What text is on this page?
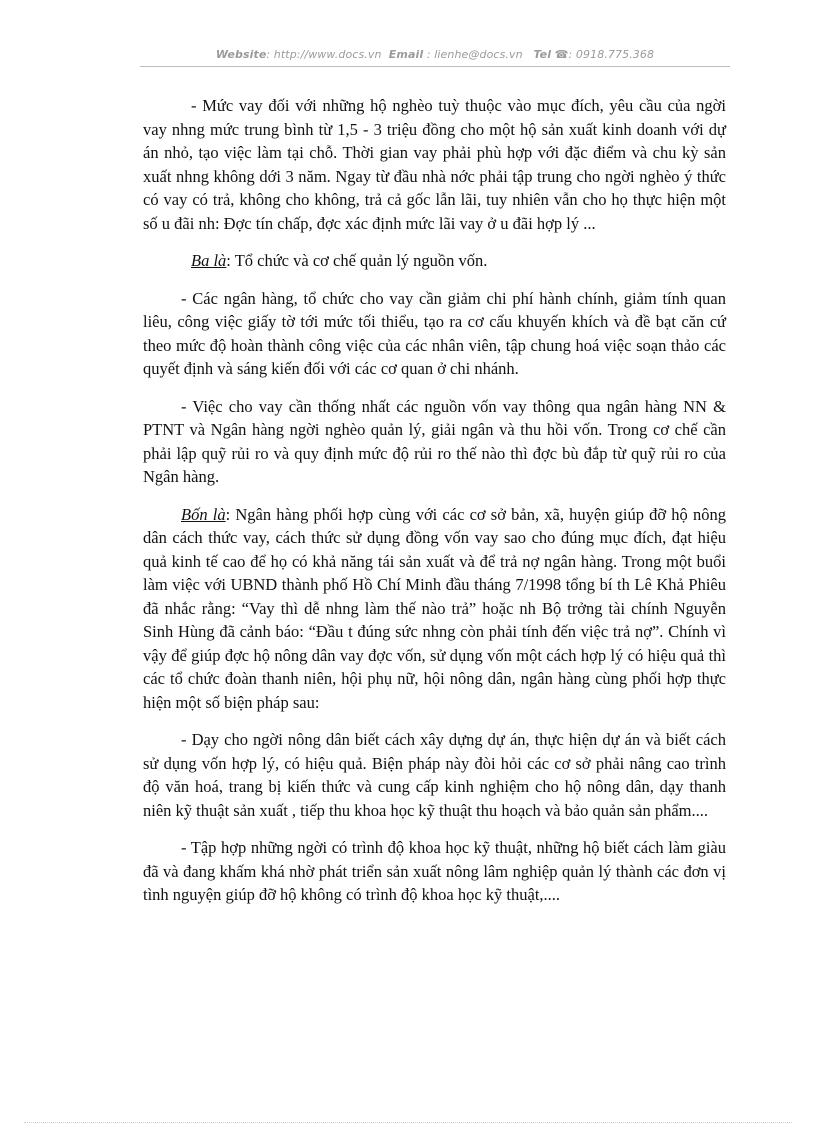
Website: http://www.docs.vn Email : lienhe@docs.vn Tel ☎: 0918.775.368

- Mức vay đối với những hộ nghèo tuỳ thuộc vào mục đích, yêu cầu của ngời vay nhng mức trung bình từ 1,5 - 3 triệu đồng cho một hộ sản xuất kinh doanh với dự án nhỏ, tạo việc làm tại chỗ. Thời gian vay phải phù hợp với đặc điểm và chu kỳ sản xuất nhng không dới 3 năm. Ngay từ đầu nhà nớc phải tập trung cho ngời nghèo ý thức có vay có trả, không cho không, trả cả gốc lẫn lãi, tuy nhiên vẫn cho họ thực hiện một số u đãi nh: Đợc tín chấp, đợc xác định mức lãi vay ở u đãi hợp lý ...

Ba là: Tổ chức và cơ chế quản lý nguồn vốn.

- Các ngân hàng, tổ chức cho vay cần giảm chi phí hành chính, giảm tính quan liêu, công việc giấy tờ tới mức tối thiểu, tạo ra cơ cấu khuyến khích và đề bạt căn cứ theo mức độ hoàn thành công việc của các nhân viên, tập chung hoá việc soạn thảo các quyết định và sáng kiến đối với các cơ quan ở chi nhánh.

- Việc cho vay cần thống nhất các nguồn vốn vay thông qua ngân hàng NN & PTNT và Ngân hàng ngời nghèo quản lý, giải ngân và thu hồi vốn. Trong cơ chế cần phải lập quỹ rủi ro và quy định mức độ rủi ro thế nào thì đợc bù đắp từ quỹ rủi ro của Ngân hàng.

Bốn là: Ngân hàng phối hợp cùng với các cơ sở bản, xã, huyện giúp đỡ hộ nông dân cách thức vay, cách thức sử dụng đồng vốn vay sao cho đúng mục đích, đạt hiệu quả kinh tế cao để họ có khả năng tái sản xuất và để trả nợ ngân hàng. Trong một buổi làm việc với UBND thành phố Hồ Chí Minh đầu tháng 7/1998 tổng bí th Lê Khả Phiêu đã nhắc rằng: “Vay thì dễ nhng làm thế nào trả” hoặc nh Bộ trởng tài chính Nguyễn Sinh Hùng đã cảnh báo: “Đầu t đúng sức nhng còn phải tính đến việc trả nợ”. Chính vì vậy để giúp đợc hộ nông dân vay đợc vốn, sử dụng vốn một cách hợp lý có hiệu quả thì các tổ chức đoàn thanh niên, hội phụ nữ, hội nông dân, ngân hàng cùng phối hợp thực hiện một số biện pháp sau:

- Dạy cho ngời nông dân biết cách xây dựng dự án, thực hiện dự án và biết cách sử dụng vốn hợp lý, có hiệu quả. Biện pháp này đòi hỏi các cơ sở phải nâng cao trình độ văn hoá, trang bị kiến thức và cung cấp kinh nghiệm cho hộ nông dân, dạy thanh niên kỹ thuật sản xuất , tiếp thu khoa học kỹ thuật thu hoạch và bảo quản sản phẩm....

- Tập hợp những ngời có trình độ khoa học kỹ thuật, những hộ biết cách làm giàu đã và đang khấm khá nhờ phát triển sản xuất nông lâm nghiệp quản lý thành các đơn vị tình nguyện giúp đỡ hộ không có trình độ khoa học kỹ thuật,....
